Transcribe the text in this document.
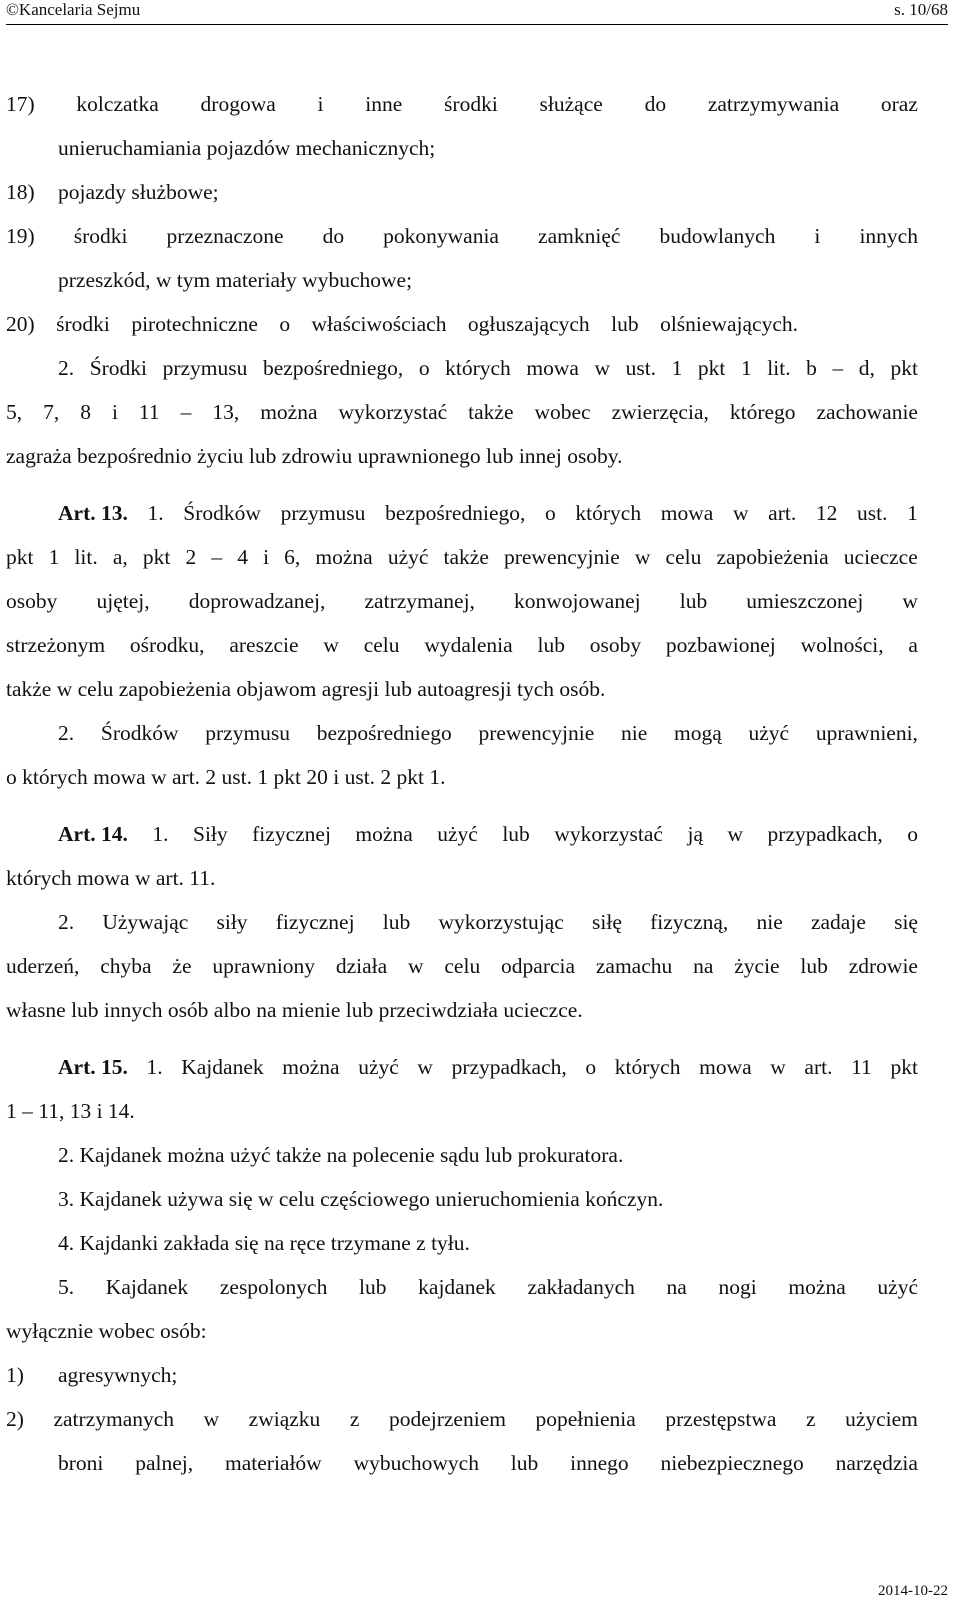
©Kancelaria Sejmu	s. 10/68
17) kolczatka drogowa i inne środki służące do zatrzymywania oraz
unieruchamiania pojazdów mechanicznych;
18)	pojazdy służbowe;
19) środki przeznaczone do pokonywania zamknięć budowlanych i innych
przeszkód, w tym materiały wybuchowe;
20) środki pirotechniczne o właściwościach ogłuszających lub olśniewających.
2. Środki przymusu bezpośredniego, o których mowa w ust. 1 pkt 1 lit. b – d, pkt
5, 7, 8 i 11 – 13, można wykorzystać także wobec zwierzęcia, którego zachowanie
zagraża bezpośrednio życiu lub zdrowiu uprawnionego lub innej osoby.
Art. 13. 1. Środków przymusu bezpośredniego, o których mowa w art. 12 ust. 1
pkt 1 lit. a, pkt 2 – 4 i 6, można użyć także prewencyjnie w celu zapobieżenia ucieczce
osoby ujętej, doprowadzanej, zatrzymanej, konwojowanej lub umieszczonej w
strzeżonym ośrodku, areszcie w celu wydalenia lub osoby pozbawionej wolności, a
także w celu zapobieżenia objawom agresji lub autoagresji tych osób.
2. Środków przymusu bezpośredniego prewencyjnie nie mogą użyć uprawnieni,
o których mowa w art. 2 ust. 1 pkt 20 i ust. 2 pkt 1.
Art. 14. 1. Siły fizycznej można użyć lub wykorzystać ją w przypadkach, o
których mowa w art. 11.
2. Używając siły fizycznej lub wykorzystując siłę fizyczną, nie zadaje się
uderzeń, chyba że uprawniony działa w celu odparcia zamachu na życie lub zdrowie
własne lub innych osób albo na mienie lub przeciwdziała ucieczce.
Art. 15. 1. Kajdanek można użyć w przypadkach, o których mowa w art. 11 pkt
1 – 11, 13 i 14.
2. Kajdanek można użyć także na polecenie sądu lub prokuratora.
3. Kajdanek używa się w celu częściowego unieruchomienia kończyn.
4. Kajdanki zakłada się na ręce trzymane z tyłu.
5. Kajdanek zespolonych lub kajdanek zakładanych na nogi można użyć
wyłącznie wobec osób:
1)	agresywnych;
2) zatrzymanych w związku z podejrzeniem popełnienia przestępstwa z użyciem
broni palnej, materiałów wybuchowych lub innego niebezpiecznego narzędzia
2014-10-22
